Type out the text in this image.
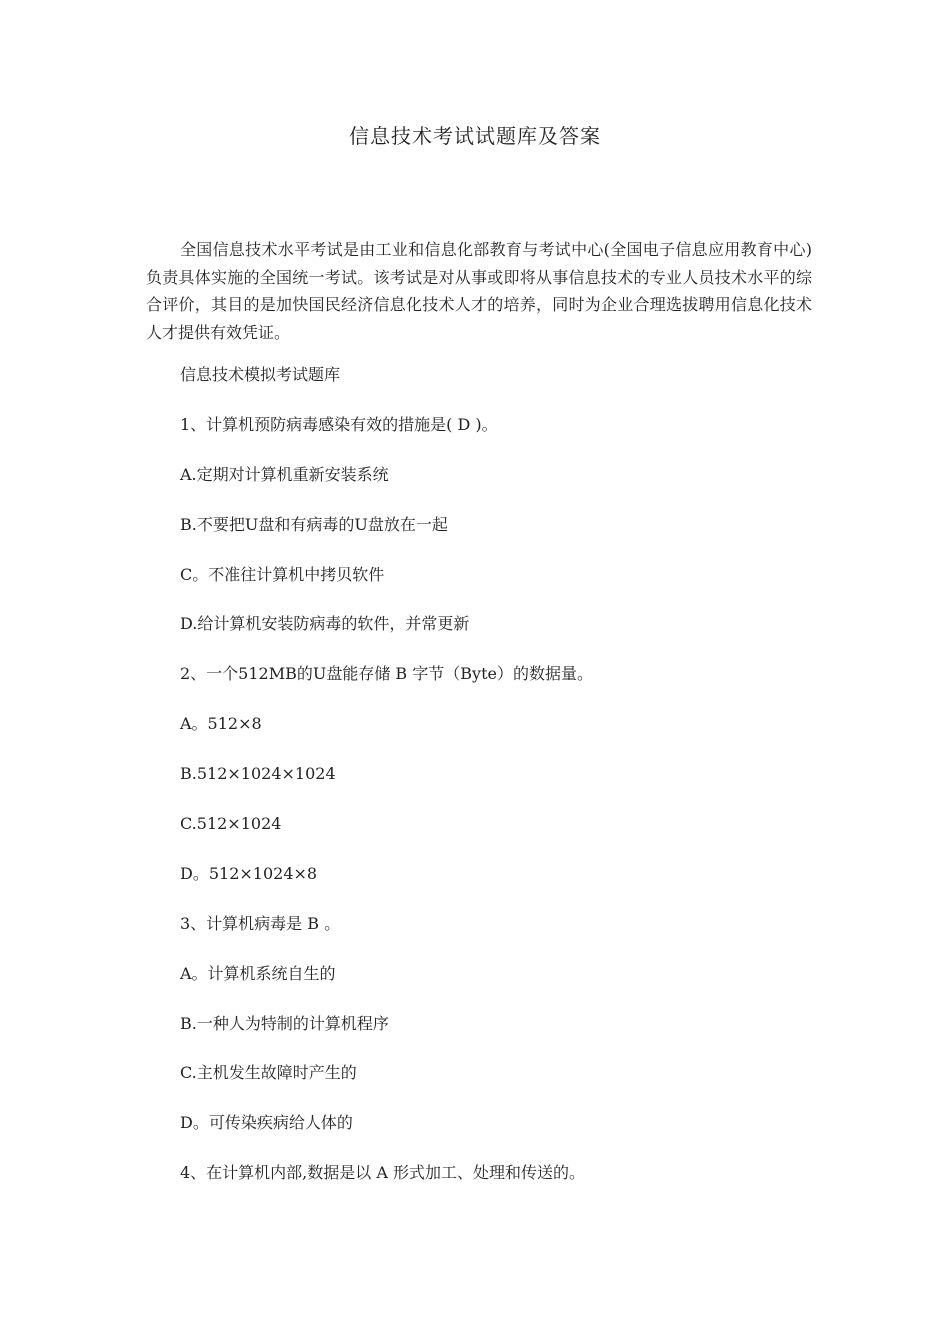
信息技术考试试题库及答案

全国信息技术水平考试是由工业和信息化部教育与考试中心(全国电子信息应用教育中心)负责具体实施的全国统一考试。该考试是对从事或即将从事信息技术的专业人员技术水平的综合评价，其目的是加快国民经济信息化技术人才的培养，同时为企业合理选拔聘用信息化技术人才提供有效凭证。

信息技术模拟考试题库
1、计算机预防病毒感染有效的措施是( D )。
A.定期对计算机重新安装系统
B.不要把U盘和有病毒的U盘放在一起
C。不准往计算机中拷贝软件
D.给计算机安装防病毒的软件，并常更新
2、一个512MB的U盘能存储 B 字节（Byte）的数据量。
A。512×8
B.512×1024×1024
C.512×1024
D。512×1024×8
3、计算机病毒是 B 。
A。计算机系统自生的
B.一种人为特制的计算机程序
C.主机发生故障时产生的
D。可传染疾病给人体的
4、在计算机内部,数据是以 A 形式加工、处理和传送的。
